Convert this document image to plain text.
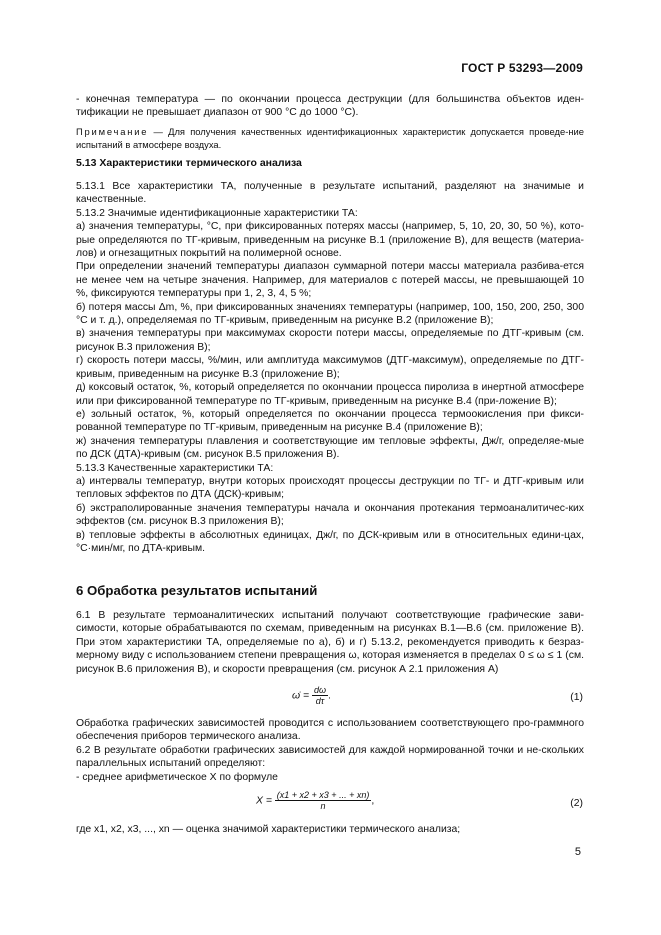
ГОСТ Р 53293—2009

- конечная температура — по окончании процесса деструкции (для большинства объектов иден-тификации не превышает диапазон от 900 °С до 1000 °С).

Примечание — Для получения качественных идентификационных характеристик допускается проведе-ние испытаний в атмосфере воздуха.

5.13 Характеристики термического анализа

5.13.1 Все характеристики ТА, полученные в результате испытаний, разделяют на значимые и качественные.

5.13.2 Значимые идентификационные характеристики ТА:

а) значения температуры, °С, при фиксированных потерях массы (например, 5, 10, 20, 30, 50 %), кото-рые определяются по ТГ-кривым, приведенным на рисунке В.1 (приложение В), для веществ (материа-лов) и огнезащитных покрытий на полимерной основе.

При определении значений температуры диапазон суммарной потери массы материала разбива-ется не менее чем на четыре значения. Например, для материалов с потерей массы, не превышающей 10 %, фиксируются температуры при 1, 2, 3, 4, 5 %;

б) потеря массы Δm, %, при фиксированных значениях температуры (например, 100, 150, 200, 250, 300 °С и т. д.), определяемая по ТГ-кривым, приведенным на рисунке В.2 (приложение В);

в) значения температуры при максимумах скорости потери массы, определяемые по ДТГ-кривым (см. рисунок В.3 приложения В);

г) скорость потери массы, %/мин, или амплитуда максимумов (ДТГ-максимум), определяемые по ДТГ-кривым, приведенным на рисунке В.3 (приложение В);

д) коксовый остаток, %, который определяется по окончании процесса пиролиза в инертной атмосфере или при фиксированной температуре по ТГ-кривым, приведенным на рисунке В.4 (при-ложение В);

е) зольный остаток, %, который определяется по окончании процесса термоокисления при фикси-рованной температуре по ТГ-кривым, приведенным на рисунке В.4 (приложение В);

ж) значения температуры плавления и соответствующие им тепловые эффекты, Дж/г, определяе-мые по ДСК (ДТА)-кривым (см. рисунок В.5 приложения В).

5.13.3 Качественные характеристики ТА:

а) интервалы температур, внутри которых происходят процессы деструкции по ТГ- и ДТГ-кривым или тепловых эффектов по ДТА (ДСК)-кривым;

б) экстраполированные значения температуры начала и окончания протекания термоаналитичес-ких эффектов (см. рисунок В.3 приложения В);

в) тепловые эффекты в абсолютных единицах, Дж/г, по ДСК-кривым или в относительных едини-цах, °С·мин/мг, по ДТА-кривым.

6 Обработка результатов испытаний

6.1 В результате термоаналитических испытаний получают соответствующие графические зави-симости, которые обрабатываются по схемам, приведенным на рисунках В.1—В.6 (см. приложение В). При этом характеристики ТА, определяемые по а), б) и г) 5.13.2, рекомендуется приводить к безраз-мерному виду с использованием степени превращения ω, которая изменяется в пределах 0 ≤ ω ≤ 1 (см. рисунок В.6 приложения В), и скорости превращения (см. рисунок А 2.1 приложения А)

ω̇ = $\frac{d\omega}{d\tau}$ .	(1)

Обработка графических зависимостей проводится с использованием соответствующего про-граммного обеспечения приборов термического анализа.

6.2 В результате обработки графических зависимостей для каждой нормированной точки и не-скольких параллельных испытаний определяют:

- среднее арифметическое X по формуле

$X = \frac{(x1 + x2 + x3 + ... + xn)}{n}$ ,	(2)

где x1, x2, x3, ..., xn — оценка значимой характеристики термического анализа;

5
